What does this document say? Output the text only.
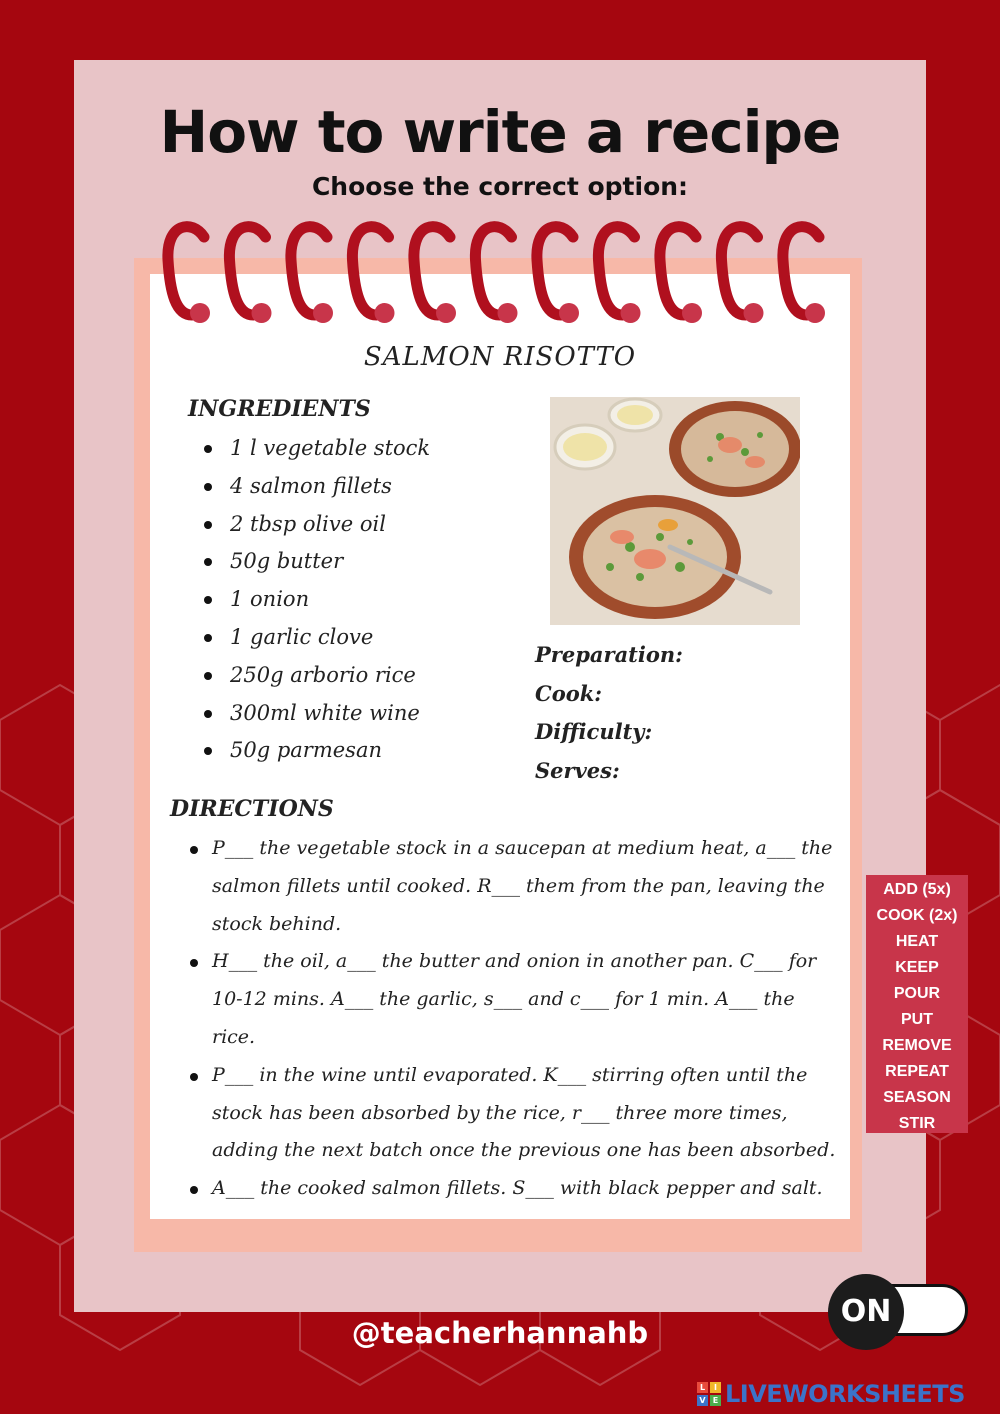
How to write a recipe
Choose the correct option:
SALMON RISOTTO
INGREDIENTS
1 l vegetable stock
4 salmon fillets
2 tbsp olive oil
50g butter
1 onion
1 garlic clove
250g arborio rice
300ml white wine
50g parmesan
Preparation:
Cook:
Difficulty:
Serves:
DIRECTIONS
P___ the vegetable stock in a saucepan at medium heat, a___ the salmon fillets until cooked. R___ them from the pan, leaving the stock behind.
H___ the oil, a___ the butter and onion in another pan. C___ for 10-12 mins. A___ the garlic, s___ and c___ for 1 min. A___ the rice.
P___ in the wine until evaporated. K___ stirring often until the stock has been absorbed by the rice, r___ three more times, adding the next batch once the previous one has been absorbed.
A___ the cooked salmon fillets. S___ with black pepper and salt.
ADD (5x)
COOK (2x)
HEAT
KEEP
POUR
PUT
REMOVE
REPEAT
SEASON
STIR
@teacherhannahb
ON
L	I
V E LIVEWORKSHEETS
